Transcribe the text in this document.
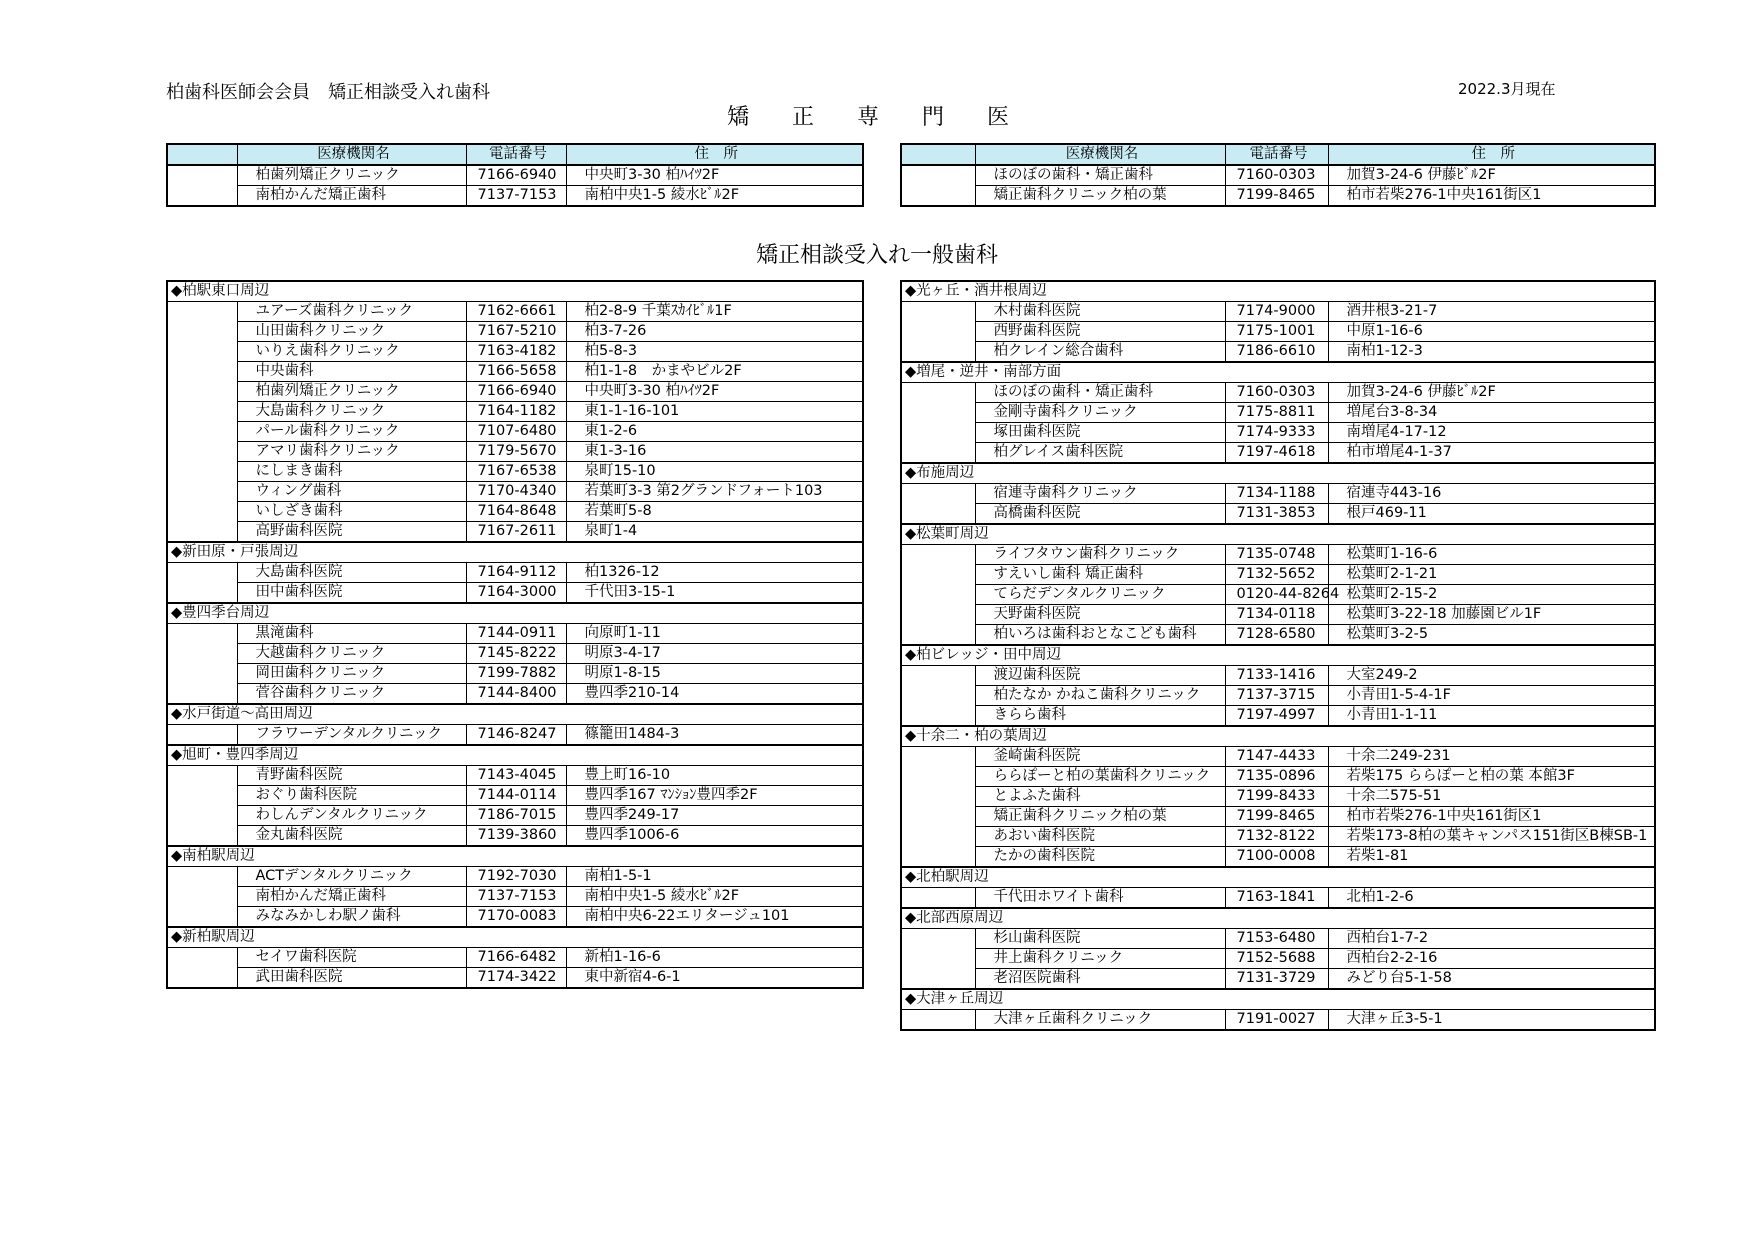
柏歯科医師会会員　矯正相談受入れ歯科	2022.3月現在
矯 正 専 門 医
	医療機関名	電話番号	住　所
	柏歯列矯正クリニック	7166-6940	中央町3-30 柏ﾊｲﾂ2F
	南柏かんだ矯正歯科	7137-7153	南柏中央1-5 綾水ﾋﾞﾙ2F
	医療機関名	電話番号	住　所
	ほのぼの歯科・矯正歯科	7160-0303	加賀3-24-6 伊藤ﾋﾞﾙ2F
	矯正歯科クリニック柏の葉	7199-8465	柏市若柴276-1中央161街区1
矯正相談受入れ一般歯科
◆柏駅東口周辺			
	ユアーズ歯科クリニック	7162-6661	柏2-8-9 千葉ｽｶｲﾋﾞﾙ1F
	山田歯科クリニック	7167-5210	柏3-7-26
	いりえ歯科クリニック	7163-4182	柏5-8-3
	中央歯科	7166-5658	柏1-1-8　かまやビル2F
	柏歯列矯正クリニック	7166-6940	中央町3-30 柏ﾊｲﾂ2F
	大島歯科クリニック	7164-1182	東1-1-16-101
	パール歯科クリニック	7107-6480	東1-2-6
	アマリ歯科クリニック	7179-5670	東1-3-16
	にしまき歯科	7167-6538	泉町15-10
	ウィング歯科	7170-4340	若葉町3-3 第2グランドフォート103
	いしざき歯科	7164-8648	若葉町5-8
	高野歯科医院	7167-2611	泉町1-4
◆新田原・戸張周辺			
	大島歯科医院	7164-9112	柏1326-12
	田中歯科医院	7164-3000	千代田3-15-1
◆豊四季台周辺			
	黒滝歯科	7144-0911	向原町1-11
	大越歯科クリニック	7145-8222	明原3-4-17
	岡田歯科クリニック	7199-7882	明原1-8-15
	菅谷歯科クリニック	7144-8400	豊四季210-14
◆水戸街道～高田周辺			
	フラワーデンタルクリニック	7146-8247	篠籠田1484-3
◆旭町・豊四季周辺			
	青野歯科医院	7143-4045	豊上町16-10
	おぐり歯科医院	7144-0114	豊四季167 ﾏﾝｼｮﾝ豊四季2F
	わしんデンタルクリニック	7186-7015	豊四季249-17
	金丸歯科医院	7139-3860	豊四季1006-6
◆南柏駅周辺			
	ACTデンタルクリニック	7192-7030	南柏1-5-1
	南柏かんだ矯正歯科	7137-7153	南柏中央1-5 綾水ﾋﾞﾙ2F
	みなみかしわ駅ノ歯科	7170-0083	南柏中央6-22エリタージュ101
◆新柏駅周辺			
	セイワ歯科医院	7166-6482	新柏1-16-6
	武田歯科医院	7174-3422	東中新宿4-6-1
◆光ヶ丘・酒井根周辺			
	木村歯科医院	7174-9000	酒井根3-21-7
	西野歯科医院	7175-1001	中原1-16-6
	柏クレイン総合歯科	7186-6610	南柏1-12-3
◆増尾・逆井・南部方面			
	ほのぼの歯科・矯正歯科	7160-0303	加賀3-24-6 伊藤ﾋﾞﾙ2F
	金剛寺歯科クリニック	7175-8811	増尾台3-8-34
	塚田歯科医院	7174-9333	南増尾4-17-12
	柏グレイス歯科医院	7197-4618	柏市増尾4-1-37
◆布施周辺			
	宿連寺歯科クリニック	7134-1188	宿連寺443-16
	高橋歯科医院	7131-3853	根戸469-11
◆松葉町周辺			
	ライフタウン歯科クリニック	7135-0748	松葉町1-16-6
	すえいし歯科 矯正歯科	7132-5652	松葉町2-1-21
	てらだデンタルクリニック	0120-44-8264	松葉町2-15-2
	天野歯科医院	7134-0118	松葉町3-22-18 加藤園ビル1F
	柏いろは歯科おとなこども歯科	7128-6580	松葉町3-2-5
◆柏ビレッジ・田中周辺			
	渡辺歯科医院	7133-1416	大室249-2
	柏たなか かねこ歯科クリニック	7137-3715	小青田1-5-4-1F
	きらら歯科	7197-4997	小青田1-1-11
◆十余二・柏の葉周辺			
	釜崎歯科医院	7147-4433	十余二249-231
	ららぽーと柏の葉歯科クリニック	7135-0896	若柴175 ららぽーと柏の葉 本館3F
	とよふた歯科	7199-8433	十余二575-51
	矯正歯科クリニック柏の葉	7199-8465	柏市若柴276-1中央161街区1
	あおい歯科医院	7132-8122	若柴173-8柏の葉キャンパス151街区B棟SB-1
	たかの歯科医院	7100-0008	若柴1-81
◆北柏駅周辺			
	千代田ホワイト歯科	7163-1841	北柏1-2-6
◆北部西原周辺			
	杉山歯科医院	7153-6480	西柏台1-7-2
	井上歯科クリニック	7152-5688	西柏台2-2-16
	老沼医院歯科	7131-3729	みどり台5-1-58
◆大津ヶ丘周辺			
	大津ヶ丘歯科クリニック	7191-0027	大津ヶ丘3-5-1
